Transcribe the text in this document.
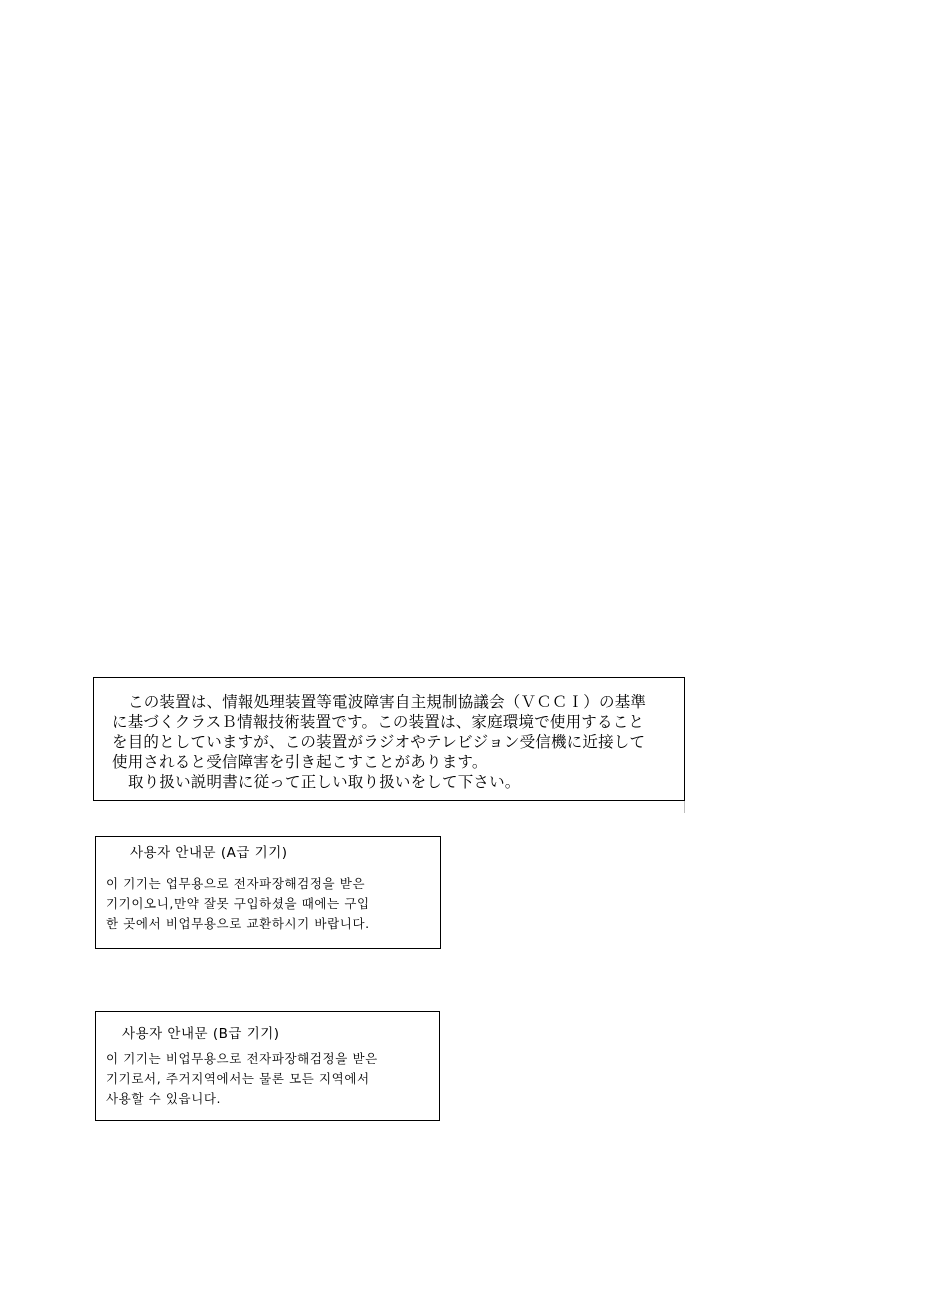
この装置は、情報処理装置等電波障害自主規制協議会（ＶＣＣＩ）の基準

に基づくクラスＢ情報技術装置です。この装置は、家庭環境で使用すること

を目的としていますが、この装置がラジオやテレビジョン受信機に近接して

使用されると受信障害を引き起こすことがあります。

取り扱い説明書に従って正しい取り扱いをして下さい。

사용자 안내문 (A급 기기)

이 기기는 업무용으로 전자파장해검정을 받은

기기이오니,만약 잘못 구입하셨을 때에는 구입

한 곳에서 비업무용으로 교환하시기 바랍니다.

사용자 안내문 (B급 기기)

이 기기는 비업무용으로 전자파장해검정을 받은

기기로서, 주거지역에서는 물론 모든 지역에서

사용할 수 있읍니다.
